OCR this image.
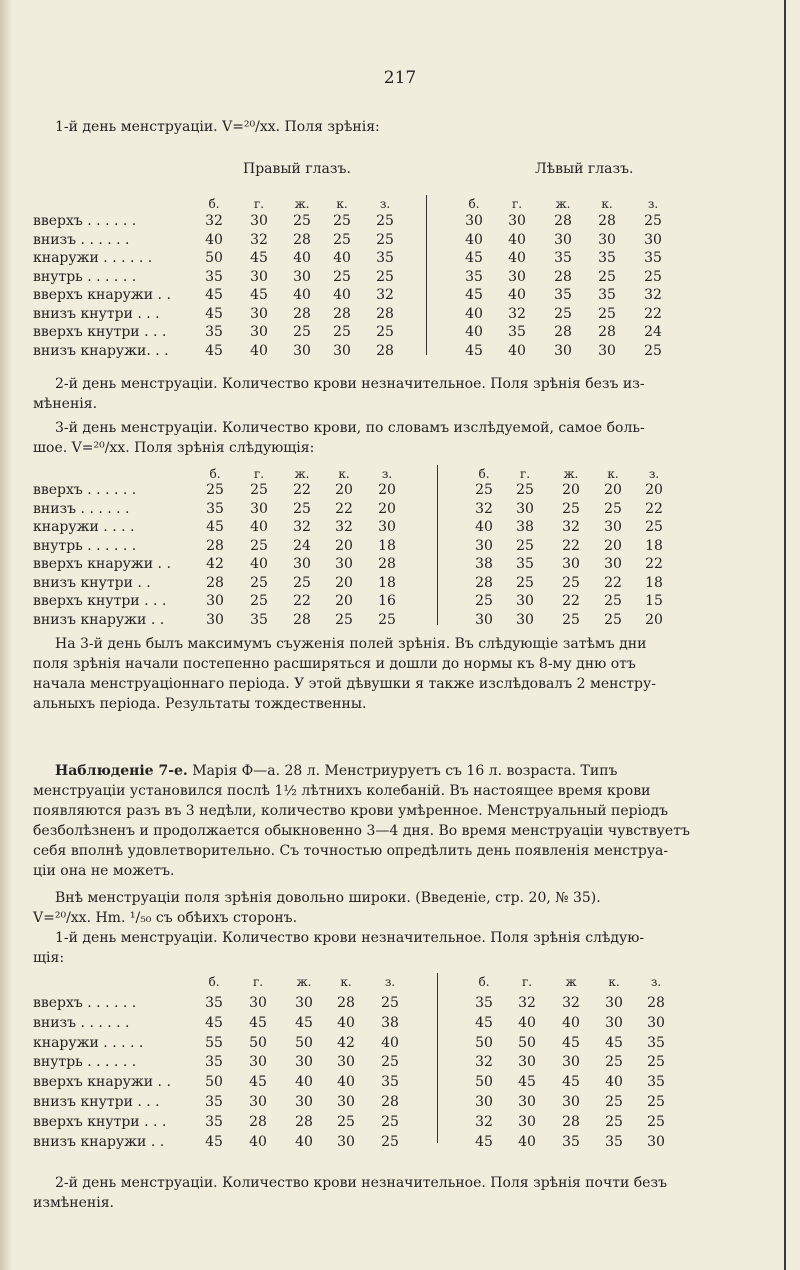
217
1-й день менструаціи. V=²⁰/xx. Поля зрѣнія:
Правый глазъ.	Лѣвый глазъ.
б.	г.	ж.	к.	з.	б.	г.	ж.	к.	з.
вверхъ . . . . . .	32	30	25	25	25	30	30	28	28	25
внизъ . . . . . .	40	32	28	25	25	40	40	30	30	30
кнаружи . . . . . .	50	45	40	40	35	45	40	35	35	35
внутрь . . . . . .	35	30	30	25	25	35	30	28	25	25
вверхъ кнаружи . .	45	45	40	40	32	45	40	35	35	32
внизъ кнутри . . .	45	30	28	28	28	40	32	25	25	22
вверхъ кнутри . . .	35	30	25	25	25	40	35	28	28	24
внизъ кнаружи. . .	45	40	30	30	28	45	40	30	30	25
2-й день менструаціи. Количество крови незначительное. Поля зрѣнія безъ из-
мѣненія.
3-й день менструаціи. Количество крови, по словамъ изслѣдуемой, самое боль-
шое. V=²⁰/xx. Поля зрѣнія слѣдующія:
б.	г.	ж.	к.	з.	б.	г.	ж.	к.	з.
вверхъ . . . . . .	25	25	22	20	20	25	25	20	20	20
внизъ . . . . . .	35	30	25	22	20	32	30	25	25	22
кнаружи . . . .	45	40	32	32	30	40	38	32	30	25
внутрь . . . . . .	28	25	24	20	18	30	25	22	20	18
вверхъ кнаружи . .	42	40	30	30	28	38	35	30	30	22
внизъ кнутри . .	28	25	25	20	18	28	25	25	22	18
вверхъ кнутри . . .	30	25	22	20	16	25	30	22	25	15
внизъ кнаружи . .	30	35	28	25	25	30	30	25	25	20
На 3-й день былъ максимумъ съуженія полей зрѣнія. Въ слѣдующіе затѣмъ дни
поля зрѣнія начали постепенно расширяться и дошли до нормы къ 8-му дню отъ
начала менструаціоннаго періода. У этой дѣвушки я также изслѣдовалъ 2 менстру-
альныхъ періода. Результаты тождественны.
Наблюденіе 7-е. Марія Ф—а. 28 л. Менстриуруетъ съ 16 л. возраста. Типъ
менструаціи установился послѣ 1½ лѣтнихъ колебаній. Въ настоящее время крови
появляются разъ въ 3 недѣли, количество крови умѣренное. Менструальный періодъ
безболѣзненъ и продолжается обыкновенно 3—4 дня. Во время менструаціи чувствуетъ
себя вполнѣ удовлетворительно. Съ точностью опредѣлить день появленія менструа-
ціи она не можетъ.
Внѣ менструаціи поля зрѣнія довольно широки. (Введеніе, стр. 20, № 35).
V=²⁰/xx. Hm. ¹/₅₀ съ обѣихъ сторонъ.
1-й день менструаціи. Количество крови незначительное. Поля зрѣнія слѣдую-
щія:
б.	г.	ж.	к.	з.	б.	г.	ж	к.	з.
вверхъ . . . . . .	35	30	30	28	25	35	32	32	30	28
внизъ . . . . . .	45	45	45	40	38	45	40	40	30	30
кнаружи . . . . .	55	50	50	42	40	50	50	45	45	35
внутрь . . . . . .	35	30	30	30	25	32	30	30	25	25
вверхъ кнаружи . .	50	45	40	40	35	50	45	45	40	35
внизъ кнутри . . .	35	30	30	30	28	30	30	30	25	25
вверхъ кнутри . . .	35	28	28	25	25	32	30	28	25	25
внизъ кнаружи . .	45	40	40	30	25	45	40	35	35	30
2-й день менструаціи. Количество крови незначительное. Поля зрѣнія почти безъ
измѣненія.
